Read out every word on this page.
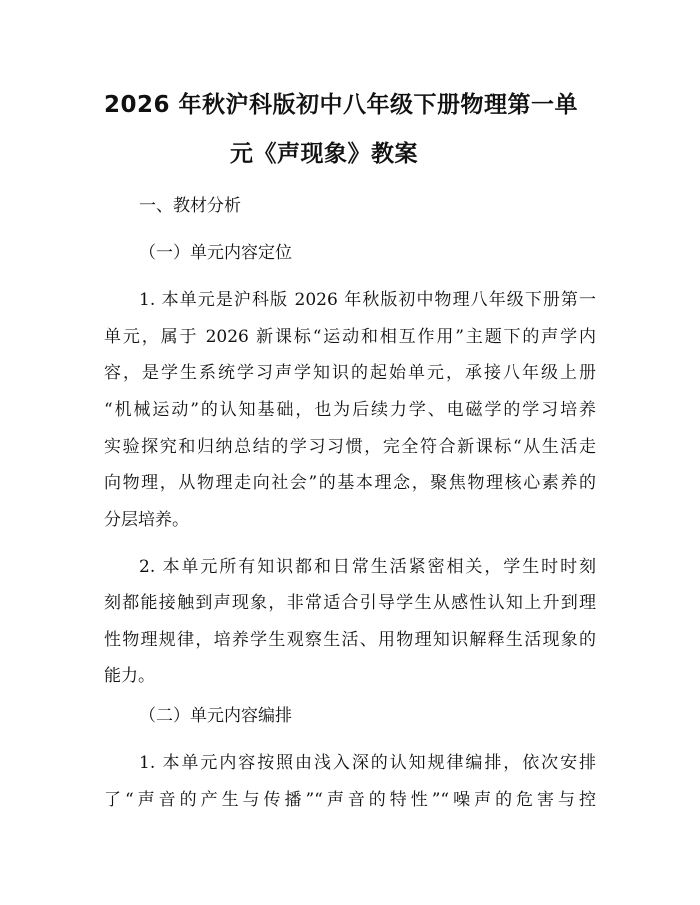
2026 年秋沪科版初中八年级下册物理第一单
元《声现象》教案
一、教材分析
（一）单元内容定位
1. 本单元是沪科版 2026 年秋版初中物理八年级下册第一
单元，属于 2026 新课标“运动和相互作用”主题下的声学内
容，是学生系统学习声学知识的起始单元，承接八年级上册
“机械运动”的认知基础，也为后续力学、电磁学的学习培养
实验探究和归纳总结的学习习惯，完全符合新课标“从生活走
向物理，从物理走向社会”的基本理念，聚焦物理核心素养的
分层培养。
2. 本单元所有知识都和日常生活紧密相关，学生时时刻
刻都能接触到声现象，非常适合引导学生从感性认知上升到理
性物理规律，培养学生观察生活、用物理知识解释生活现象的
能力。
（二）单元内容编排
1. 本单元内容按照由浅入深的认知规律编排，依次安排
了“声音的产生与传播”“声音的特性”“噪声的危害与控
